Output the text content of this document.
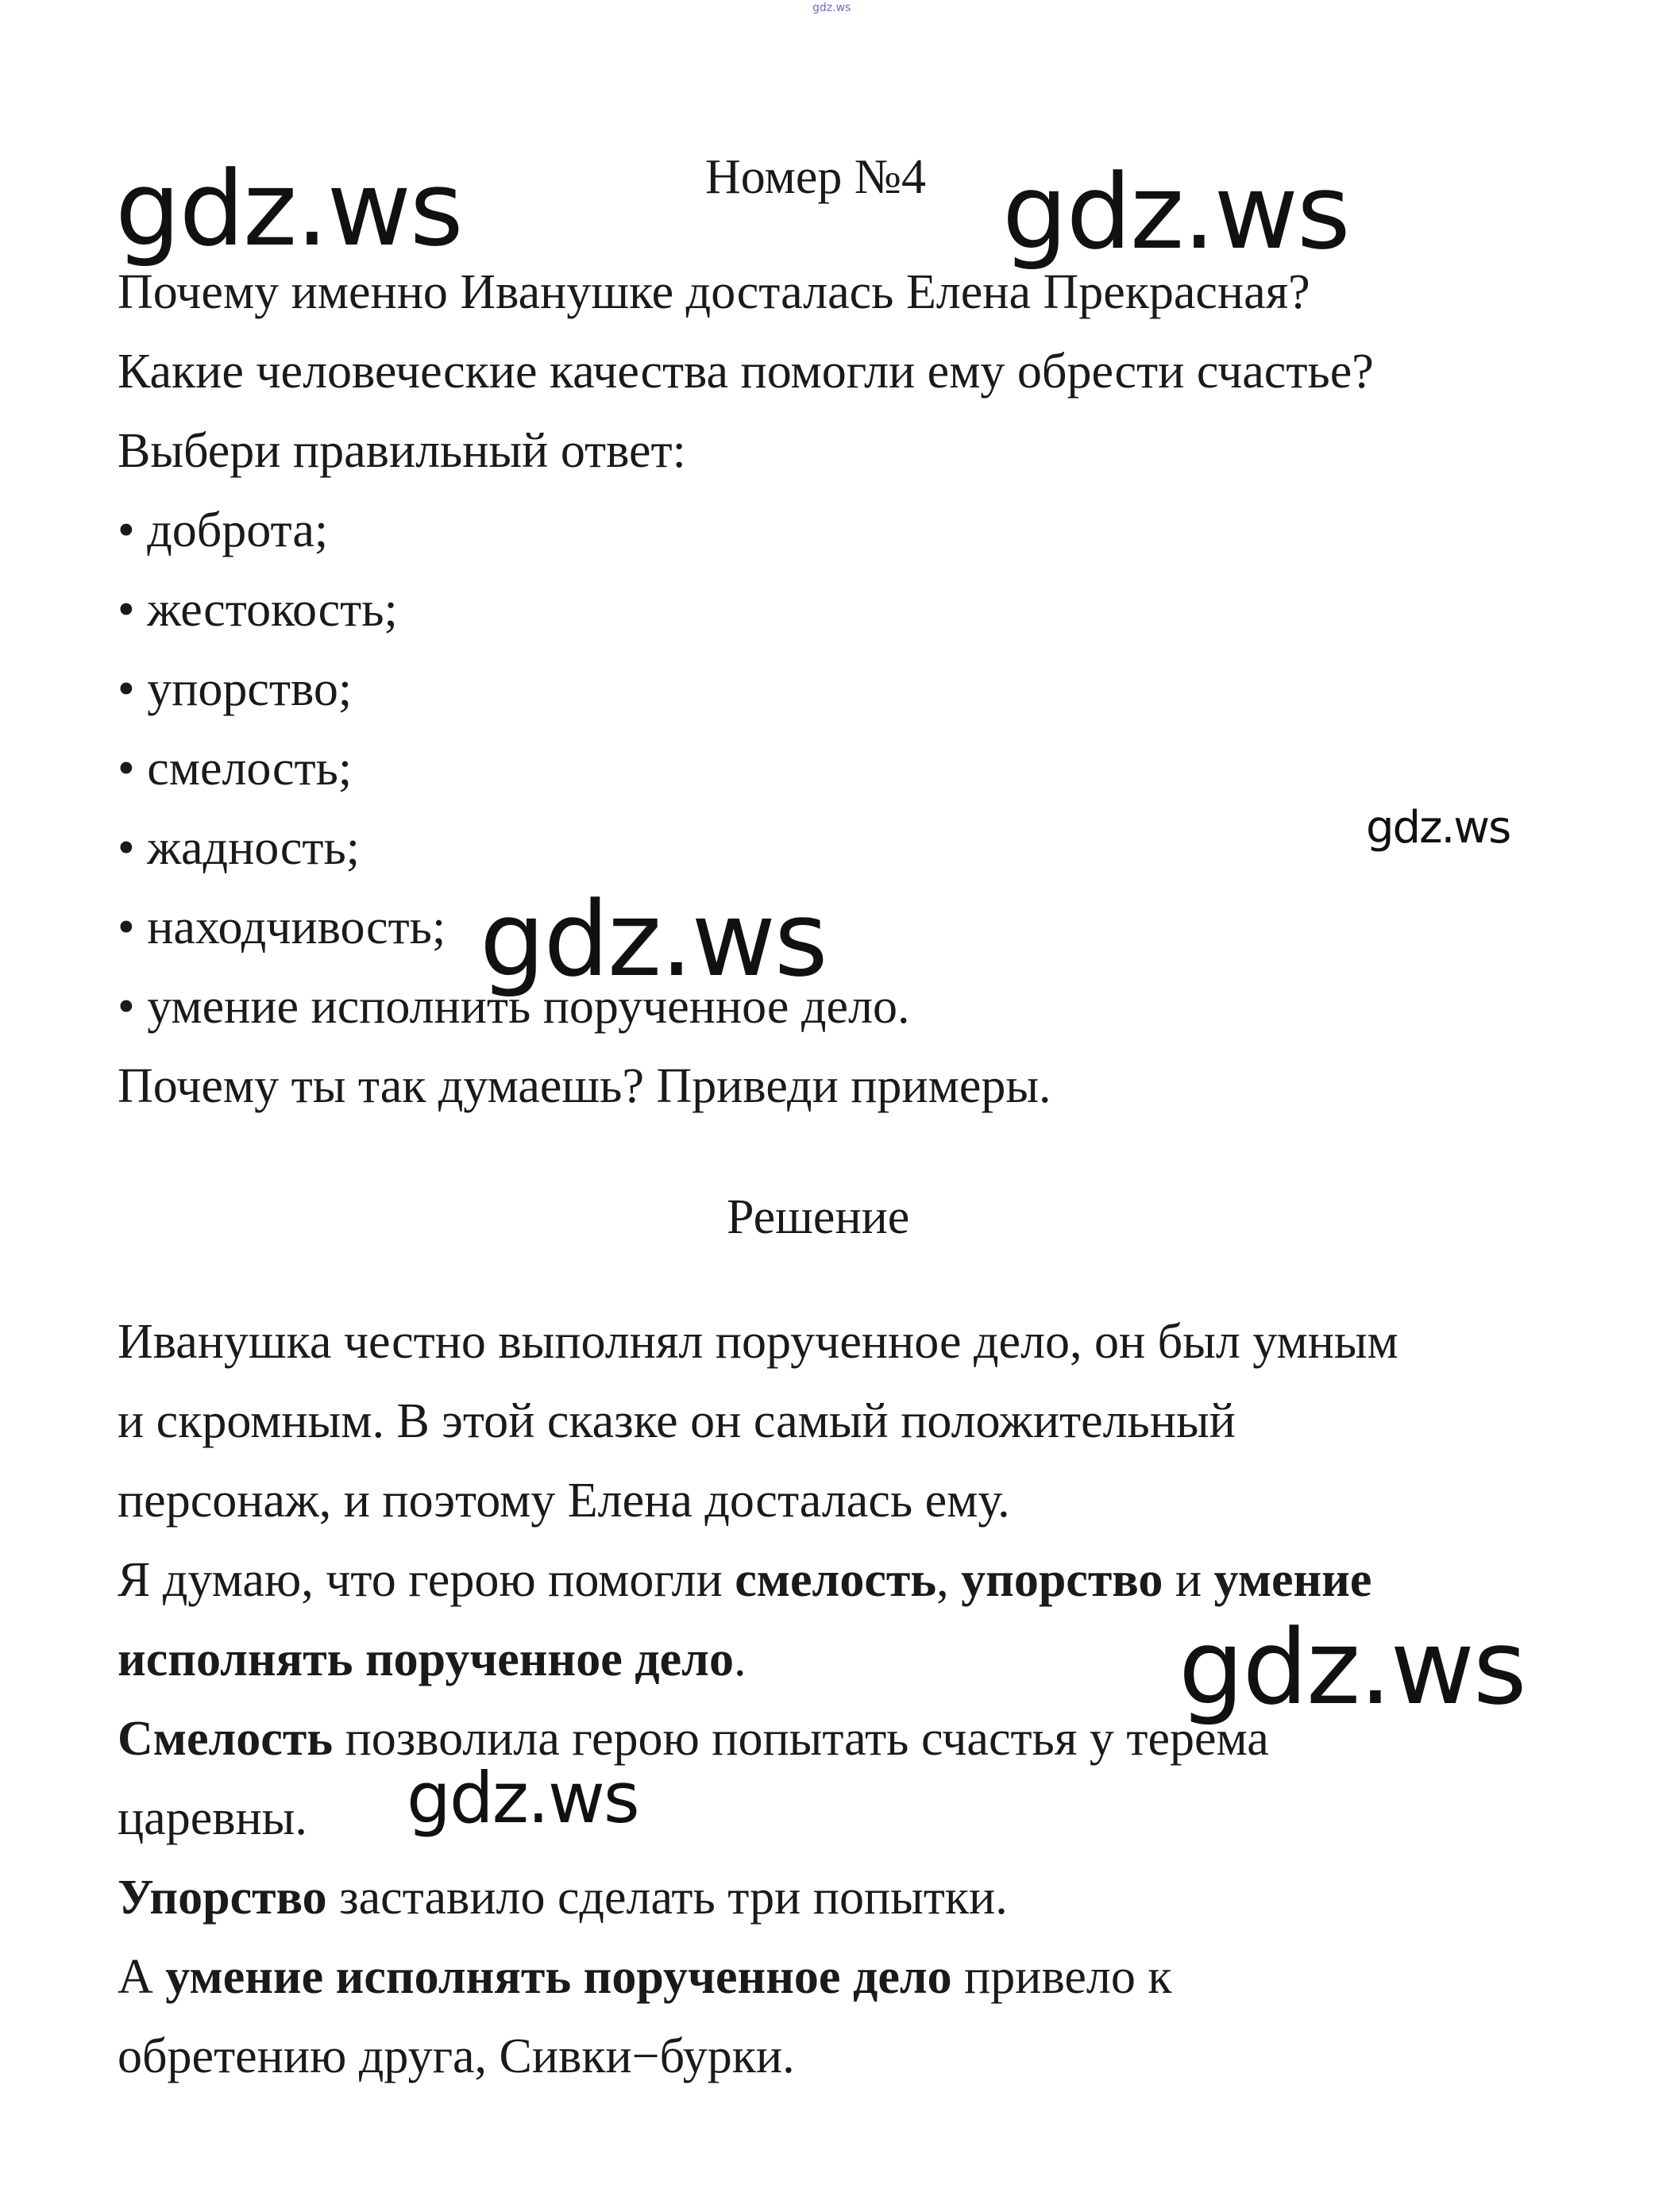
gdz.ws
gdz.ws	gdz.ws
gdz.ws
gdz.ws
gdz.ws
gdz.ws
Номер №4
Почему именно Иванушке досталась Елена Прекрасная?
Какие человеческие качества помогли ему обрести счастье?
Выбери правильный ответ:
• доброта;
• жестокость;
• упорство;
• смелость;
• жадность;
• находчивость;
• умение исполнить порученное дело.
Почему ты так думаешь? Приведи примеры.
Решение
Иванушка честно выполнял порученное дело, он был умным
и скромным. В этой сказке он самый положительный
персонаж, и поэтому Елена досталась ему.
Я думаю, что герою помогли смелость, упорство и умение
исполнять порученное дело.
Смелость позволила герою попытать счастья у терема
царевны.
Упорство заставило сделать три попытки.
А умение исполнять порученное дело привело к
обретению друга, Сивки−бурки.
